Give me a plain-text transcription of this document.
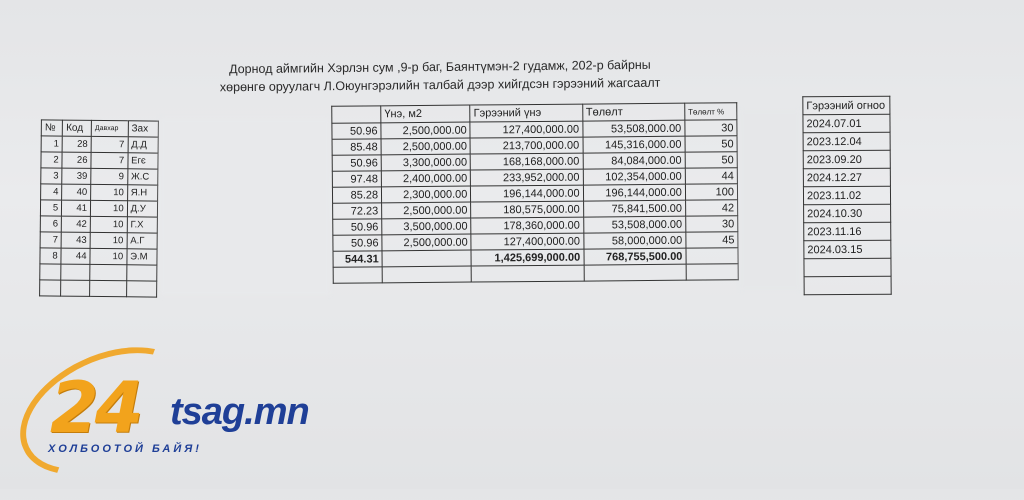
Дорнод аймгийн Хэрлэн сум ,9-р баг, Баянтүмэн-2 гудамж, 202-р байрны
хөрөнгө оруулагч Л.Оюунгэрэлийн талбай дээр хийгдсэн гэрээний жагсаалт
№	Код	Давхар	Зах
1	28	7	Д.Д
2	26	7	Егє
3	39	9	Ж.С
4	40	10	Я.Н
5	41	10	Д.У
6	42	10	Г.Х
7	43	10	А.Г
8	44	10	Э.М

	Үнэ, м2	Гэрээний үнэ	Төлөлт	Төлөлт %
50.96	2,500,000.00	127,400,000.00	53,508,000.00	30
85.48	2,500,000.00	213,700,000.00	145,316,000.00	50
50.96	3,300,000.00	168,168,000.00	84,084,000.00	50
97.48	2,400,000.00	233,952,000.00	102,354,000.00	44
85.28	2,300,000.00	196,144,000.00	196,144,000.00	100
72.23	2,500,000.00	180,575,000.00	75,841,500.00	42
50.96	3,500,000.00	178,360,000.00	53,508,000.00	30
50.96	2,500,000.00	127,400,000.00	58,000,000.00	45
544.31		1,425,699,000.00	768,755,500.00	

Гэрээний огноо
2024.07.01
2023.12.04
2023.09.20
2024.12.27
2023.11.02
2024.10.30
2023.11.16
2024.03.15

24 tsag.mn
ХОЛБООТОЙ БАЙЯ!
